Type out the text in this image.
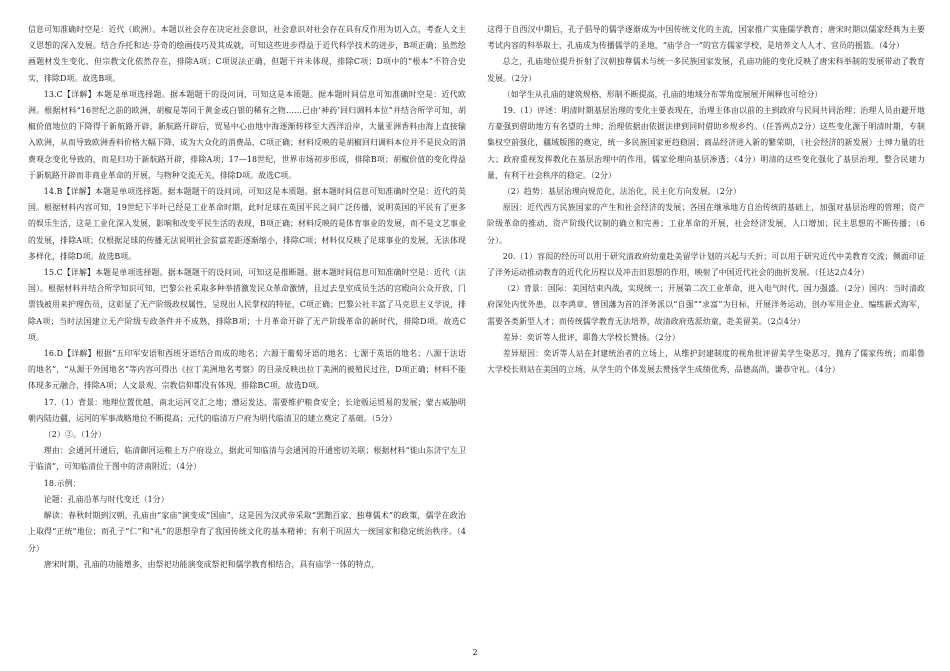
信息可知准确时空是：近代（欧洲）。本题以社会存在决定社会意识，社会意识对社会存在具有反作用为切入点，考查人文主义思想的深入发展。结合乔托和达·芬奇的绘画技巧及其成就，可知这些进步得益于近代科学技术的进步，B项正确；虽然绘画题材发生变化，但宗教文化依然存在，排除A项；C项说法正确，但题干并未体现，排除C项；D项中的“根本”不符合史实，排除D项。故选B项。

13.C【详解】本题是单项选择题。据本题题干的设问词，可知这是本质题。据本题时间信息可知准确时空是：近代欧洲。根据材料“16世纪之前的欧洲，胡椒是等同于黄金或白银的稀有之物……已由‘神药’回归调料本位”并结合所学可知，胡椒价值地位的下降得于新航路开辟，新航路开辟后，贸易中心由地中海逐渐转移至大西洋沿岸，大量亚洲香料由海上直接输入欧洲，从而导致欧洲香料价格大幅下降，成为大众化的消费品，C项正确；材料反映的是胡椒回归调料本位并不是民众的消费观念变化导致的，而是归功于新航路开辟，排除A项；17—18世纪，世界市场初步形成，排除B项；胡椒价值的变化得益于新航路开辟而非商业革命的开展，与物种交流无关，排除D项。故选C项。

14.B【详解】本题是单项选择题。据本题题干的设问词，可知这是本质题。据本题时间信息可知准确时空是：近代的英国。根据材料内容可知，19世纪下半叶已经是工业革命时期，此时足球在英国平民之间广泛传播，说明英国的平民有了更多的娱乐生活，这是工业化深入发展，影响和改变平民生活的表现，B项正确；材料反映的是体育事业的发展，而不是文艺事业的发展，排除A项；仅根据足球的传播无法说明社会贫富差距逐渐缩小，排除C项；材料仅反映了足球事业的发展，无法体现多样化，排除D项。故选B项。

15.C【详解】本题是单项选择题。据本题题干的设问词，可知这是推断题。据本题时间信息可知准确时空是：近代（法国）。根据材料并结合所学知识可知，巴黎公社采取多种举措激发民众革命激情，且过去皇室成员生活的宫殿向公众开放，门票钱被用来护理伤员，这彰显了无产阶级政权属性，呈现出人民掌权的特征，C项正确；巴黎公社丰富了马克思主义学说，排除A项；当时法国建立无产阶级专政条件并不成熟，排除B项；十月革命开辟了无产阶级革命的新时代，排除D项。故选C项。

16.D【详解】根据“五印军安语和西班牙语结合而成的地名；六源于葡萄牙语的地名；七源于英语的地名；八源于法语的地名”，“从源于外国地名”等内容可得出《拉丁美洲地名考察》的目录反映出拉丁美洲的被殖民过往，D项正确；材料不能体现多元融合，排除A项；人文景观、宗教信仰都没有体现，排除BC项。故选D项。

17.（1）背景：地理位置优越，南北运河交汇之地；漕运发达，需要维护粮食安全；长途贩运贸易的发展；蒙古威胁明朝内陆边疆，运河的军事战略地位不断提高；元代的临清万户府为明代临清卫的建立奠定了基础。（5分）

（2）②。（1分）

理由：会通河开通后，临清御河运粮上万户府设立，据此可知临清与会通河的开通密切关联；根据材料“徙山东济宁左卫于临清”，可知临清位于图中的济南附近；（4分）

18.示例：

论题：孔庙沿革与时代变迁（1分）

解读：春秋时期到汉朝，孔庙由“家庙”演变成“国庙”，这是因为汉武帝采取“罢黜百家、独尊儒术”的政策，儒学在政治上取得“正统”地位；而孔子“仁”和“礼”的思想孕育了我国传统文化的基本精神；有利于巩固大一统国家和稳定统治秩序。（4分）

唐宋时期，孔庙的功能增多，由祭祀功能演变成祭祀和儒学教育相结合，具有庙学一体的特点，

这得于自西汉中期后，孔子倡导的儒学逐渐成为中国传统文化的主流，国家推广实施儒学教育；唐宋时期以儒家经典为主要考试内容的科举取士，孔庙成为传播儒学的圣地，“庙学合一”的官方儒家学校，是培养文人人才、官员的摇篮。（4分）

总之，孔庙地位提升折射了汉朝独尊儒术与统一多民族国家发展，孔庙功能的变化反映了唐宋科举制的发展带动了教育发展。（2分）

（如学生从孔庙的建筑规格、形制不断提高，孔庙的地域分布等角度展展开阐释也可给分）

19.（1）评述：明清时期基层治理的变化主要表现在，治理主体由以前的主到政府与民间共同治理；治理人员由避开地方豪强到借助地方有名望的士绅；治理依据由依据法律到同时借助乡规乡约。（任答两点2分）这些变化源于明清时期，专制集权空前强化，疆域版图的奠定，统一多民族国家更趋稳固；商品经济进入新的繁荣期，（社会经济的新发展）士绅力量的壮大；政府重视发挥教化在基层治理中的作用，儒家伦理向基层渗透；（4分）明清的这些变化强化了基层治理，整合民建力量，有利于社会秩序的稳定。（2分）

（2）趋势：基层治理向规范化、法治化、民主化方向发展。（2分）

原因：近代西方民族国家的产生和社会经济的发展；各国在继承地方自治传统的基础上，加强对基层治理的管理；资产阶级革命的推动、资产阶级代议制的确立和完善；工业革命的开展，社会经济发展，人口增加；民主思想的不断传播；（6分）。

20.（1）容闳的经历可以用于研究清政府幼童赴美留学计划的兴起与夭折；可以用于研究近代中美教育交流；侧面印证了洋务运动推动教育的近代化历程以及冲击旧思想的作用，映射了中国近代社会的曲折发展。（任达2点4分）

（2）背景：国际：美国结束内战，实现统一；开展第二次工业革命，进入电气时代，国力强盛。（2分）国内：当时清政府深处内忧外患，以李鸿章、曾国藩为首的洋务派以“自强”“求富”为目标，开展洋务运动，创办军用企业、编练新式海军，需要各类新型人才；而传统儒学教育无法培养，故清政府选派幼童，赴美留美。（2点4分）

差异：奕䜣等人批评，耶鲁大学校长赞扬。（2分）

差异原因：奕䜣等人站在封建统治者的立场上，从维护封建制度的视角批评留美学生染恶习，抛弃了儒家传统；而耶鲁大学校长则站在美国的立场，从学生的个体发展去赞扬学生成绩优秀、品德高尚，谦恭守礼。（4分）

2
